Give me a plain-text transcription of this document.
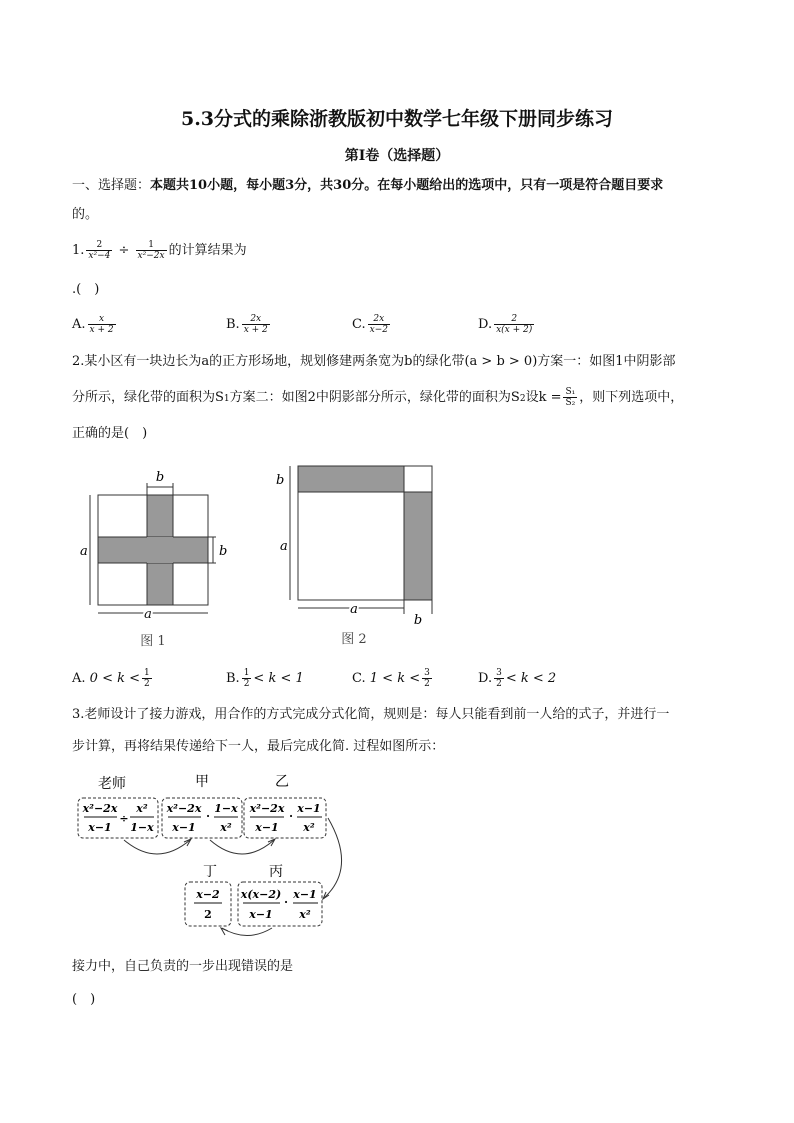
5.3分式的乘除浙教版初中数学七年级下册同步练习
第I卷（选择题）
一、选择题：本题共10小题，每小题3分，共30分。在每小题给出的选项中，只有一项是符合题目要求
的。
1. $\frac{2}{\text{x²−4}} \div \frac{1}{\text{x²−2x}}$ 的计算结果为
.(　)
A. $\frac{x}{x + 2}$	B. $\frac{2x}{x + 2}$	C. $\frac{2x}{x-2}$	D. $\frac{2}{x(x + 2)}$
2.某小区有一块边长为a的正方形场地，规划修建两条宽为b的绿化带(a > b > 0)方案一：如图1中阴影部
分所示，绿化带的面积为S1方案二：如图2中阴影部分所示，绿化带的面积为S2设$k = \frac{\text{S₁}}{\text{S₂}}$ ，则下列选项中，
正确的是(　)
b
a	b
a
图 1
b
a
a
b
图 2
A. $0 < k < \frac{1}{2}$	B. $\frac{1}{2} < k < 1$	C. $1 < k < \frac{3}{2}$	D. $\frac{3}{2} < k < 2$
3.老师设计了接力游戏，用合作的方式完成分式化简，规则是：每人只能看到前一人给的式子，并进行一
步计算，再将结果传递给下一人，最后完成化简. 过程如图所示：
老师	甲	乙
丁	丙
x²−2x
x−1
÷
x²
1−x
x²−2x
x−1
·
1−x
x²
x²−2x
x−1
·
x−1
x²
x−2
2
x(x−2)
x−1
·
x−1
x²
接力中，自己负责的一步出现错误的是
(　)
